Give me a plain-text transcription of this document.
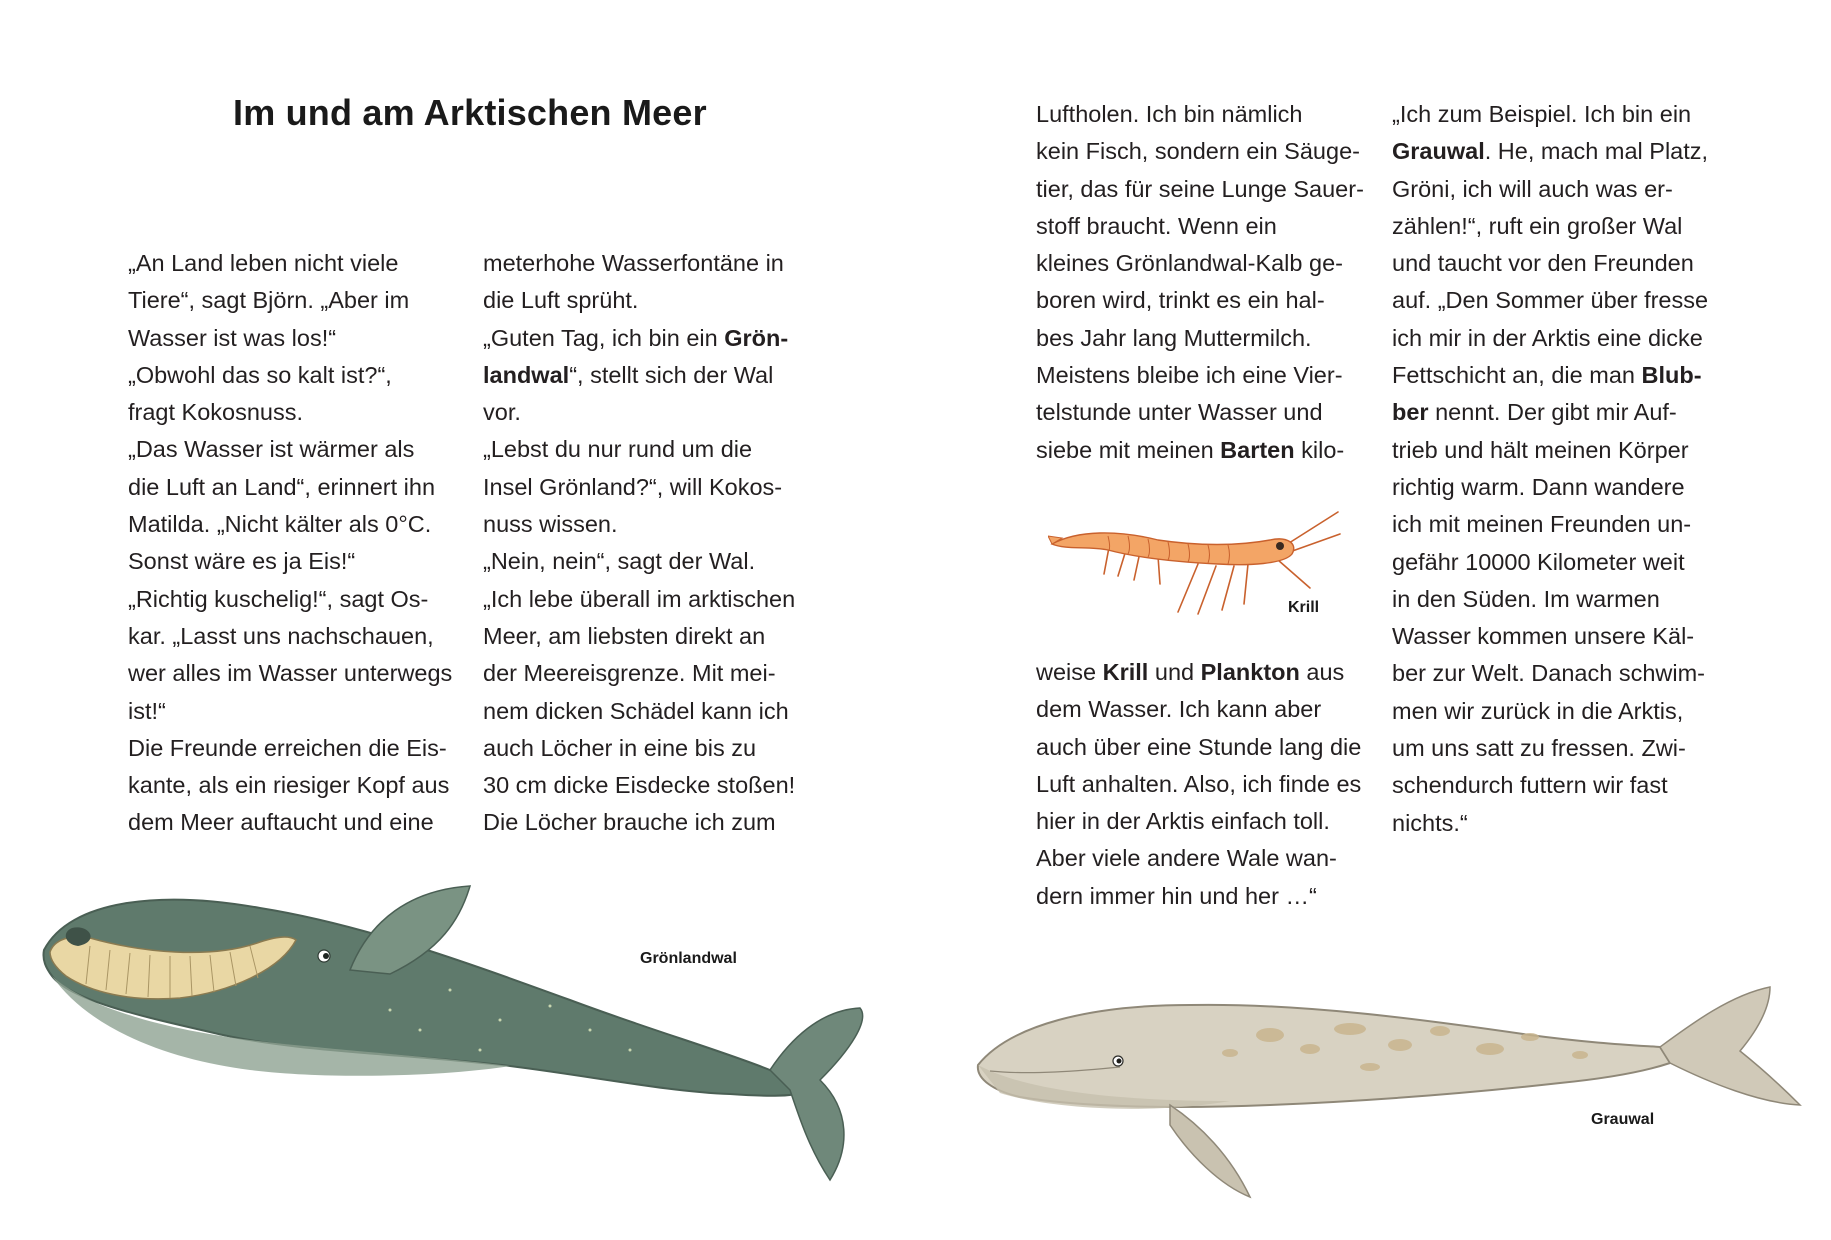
Im und am Arktischen Meer
„An Land leben nicht viele
Tiere“, sagt Björn. „Aber im
Wasser ist was los!“
„Obwohl das so kalt ist?“,
fragt Kokosnuss.
„Das Wasser ist wärmer als
die Luft an Land“, erinnert ihn
Matilda. „Nicht kälter als 0°C.
Sonst wäre es ja Eis!“
„Richtig kuschelig!“, sagt Os-
kar. „Lasst uns nachschauen,
wer alles im Wasser unterwegs
ist!“
Die Freunde erreichen die Eis-
kante, als ein riesiger Kopf aus
dem Meer auftaucht und eine
meterhohe Wasserfontäne in
die Luft sprüht.
„Guten Tag, ich bin ein Grön-
landwal“, stellt sich der Wal
vor.
„Lebst du nur rund um die
Insel Grönland?“, will Kokos-
nuss wissen.
„Nein, nein“, sagt der Wal.
„Ich lebe überall im arktischen
Meer, am liebsten direkt an
der Meereisgrenze. Mit mei-
nem dicken Schädel kann ich
auch Löcher in eine bis zu
30 cm dicke Eisdecke stoßen!
Die Löcher brauche ich zum
Luftholen. Ich bin nämlich
kein Fisch, sondern ein Säuge-
tier, das für seine Lunge Sauer-
stoff braucht. Wenn ein
kleines Grönlandwal-Kalb ge-
boren wird, trinkt es ein hal-
bes Jahr lang Muttermilch.
Meistens bleibe ich eine Vier-
telstunde unter Wasser und
siebe mit meinen Barten kilo-
weise Krill und Plankton aus
dem Wasser. Ich kann aber
auch über eine Stunde lang die
Luft anhalten. Also, ich finde es
hier in der Arktis einfach toll.
Aber viele andere Wale wan-
dern immer hin und her …“
„Ich zum Beispiel. Ich bin ein
Grauwal. He, mach mal Platz,
Gröni, ich will auch was er-
zählen!“, ruft ein großer Wal
und taucht vor den Freunden
auf. „Den Sommer über fresse
ich mir in der Arktis eine dicke
Fettschicht an, die man Blub-
ber nennt. Der gibt mir Auf-
trieb und hält meinen Körper
richtig warm. Dann wandere
ich mit meinen Freunden un-
gefähr 10000 Kilometer weit
in den Süden. Im warmen
Wasser kommen unsere Käl-
ber zur Welt. Danach schwim-
men wir zurück in die Arktis,
um uns satt zu fressen. Zwi-
schendurch futtern wir fast
nichts.“

Krill

Grönlandwal

Grauwal
